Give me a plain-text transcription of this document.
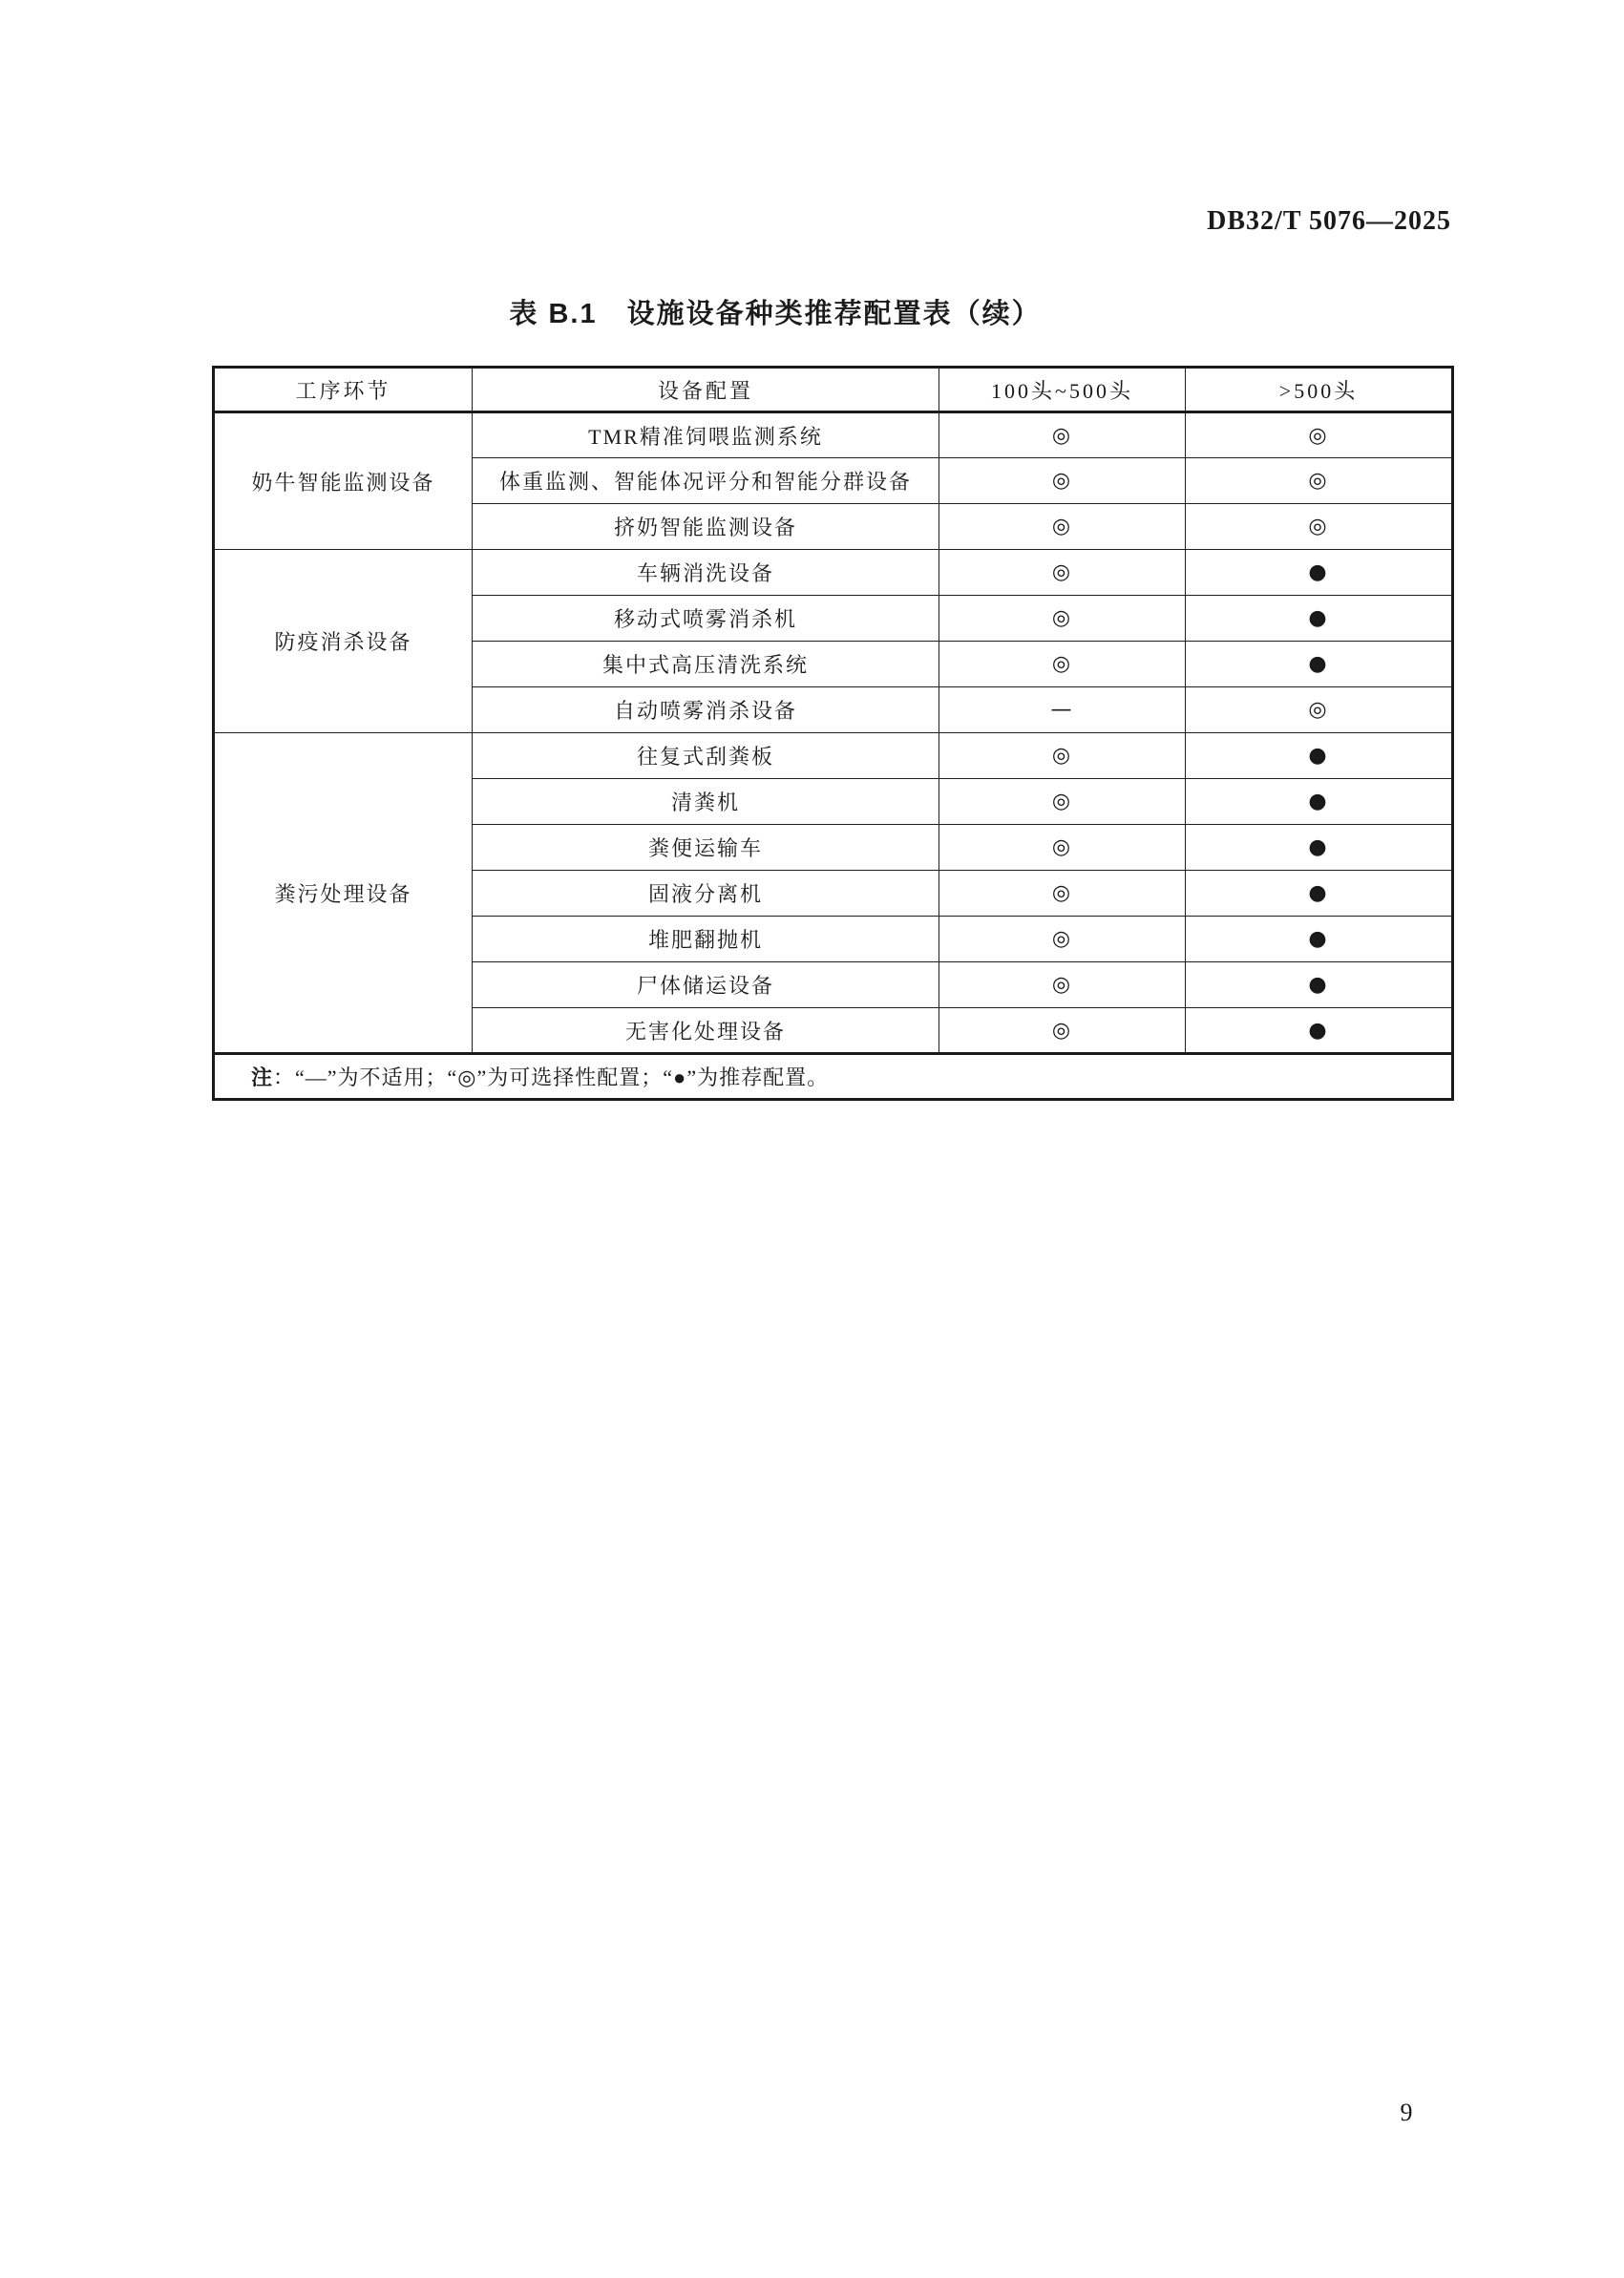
DB32/T 5076—2025
表 B.1　设施设备种类推荐配置表（续）
工序环节	设备配置	100头~500头	>500头
奶牛智能监测设备	TMR精准饲喂监测系统	◎	◎
	体重监测、智能体况评分和智能分群设备	◎	◎
	挤奶智能监测设备	◎	◎
防疫消杀设备	车辆消洗设备	◎	●
	移动式喷雾消杀机	◎	●
	集中式高压清洗系统	◎	●
	自动喷雾消杀设备	—	◎
粪污处理设备	往复式刮粪板	◎	●
	清粪机	◎	●
	粪便运输车	◎	●
	固液分离机	◎	●
	堆肥翻抛机	◎	●
	尸体储运设备	◎	●
	无害化处理设备	◎	●
注：“—”为不适用；“◎”为可选择性配置；“●”为推荐配置。			
9
